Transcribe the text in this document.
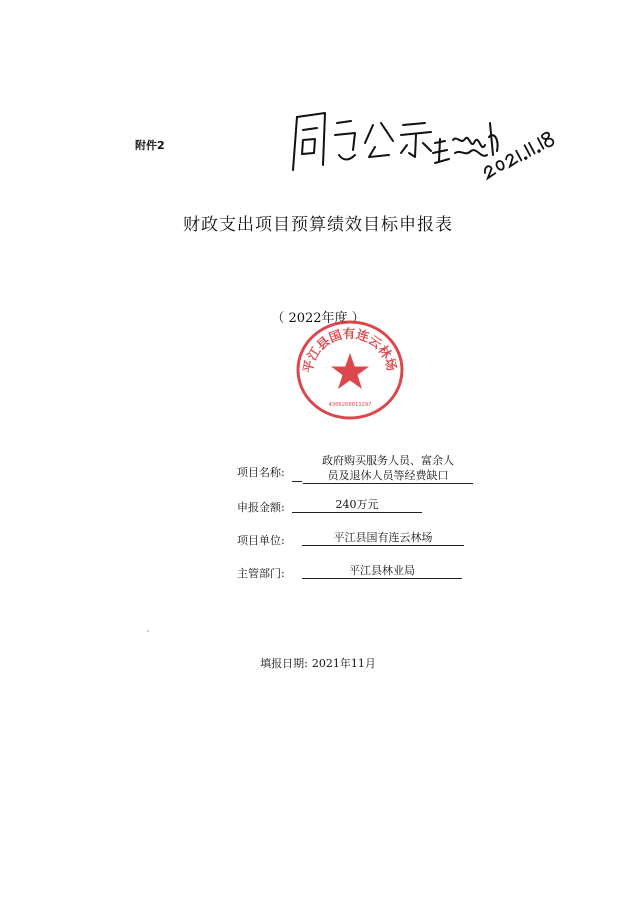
附件2
财政支出项目预算绩效目标申报表
（ 2022年度 ）
平江县国有连云林场
4306260011297
项目名称:
政府购买服务人员、富余人
员及退休人员等经费缺口
申报金额:	240万元
项目单位:	平江县国有连云林场
主管部门:	平江县林业局
填报日期: 2021年11月
